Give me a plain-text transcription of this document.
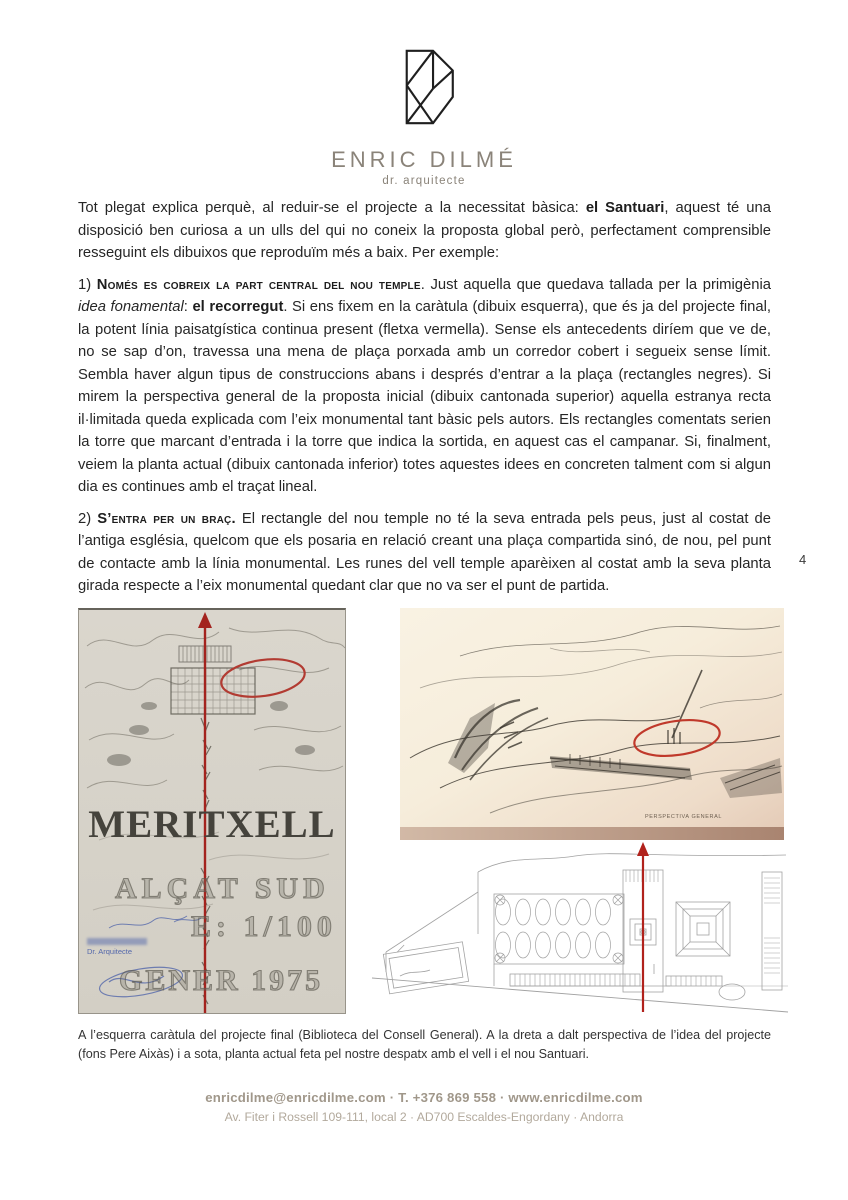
ENRIC DILMÉ
dr. arquitecte

Tot plegat explica perquè, al reduir-se el projecte a la necessitat bàsica: el Santuari, aquest té una disposició ben curiosa a un ulls del qui no coneix la proposta global però, perfectament comprensible resseguint els dibuixos que reproduïm més a baix. Per exemple:

1) Només es cobreix la part central del nou temple. Just aquella que quedava tallada per la primigènia idea fonamental: el recorregut. Si ens fixem en la caràtula (dibuix esquerra), que és ja del projecte final, la potent línia paisatgística continua present (fletxa vermella). Sense els antecedents diríem que ve de, no se sap d’on, travessa una mena de plaça porxada amb un corredor cobert i segueix sense límit. Sembla haver algun tipus de construccions abans i després d’entrar a la plaça (rectangles negres). Si mirem la perspectiva general de la proposta inicial (dibuix cantonada superior) aquella estranya recta il·limitada queda explicada com l’eix monumental tant bàsic pels autors. Els rectangles comentats serien la torre que marcant d’entrada i la torre que indica la sortida, en aquest cas el campanar. Si, finalment, veiem la planta actual (dibuix cantonada inferior) totes aquestes idees en concreten talment com si algun dia es continues amb el traçat lineal.

2) S’entra per un braç. El rectangle del nou temple no té la seva entrada pels peus, just al costat de l’antiga església, quelcom que els posaria en relació creant una plaça compartida sinó, de nou, pel punt de contacte amb la línia monumental. Les runes del vell temple aparèixen al costat amb la seva planta girada respecte a l’eix monumental quedant clar que no va ser el punt de partida.

4
MERITXELL
ALÇAT SUD
E: 1/100
GENER 1975
Dr. Arquitecte
PERSPECTIVA GENERAL

A l’esquerra caràtula del projecte final (Biblioteca del Consell General). A la dreta a dalt perspectiva de l’idea del projecte (fons Pere Aixàs) i a sota, planta actual feta pel nostre despatx amb el vell i el nou Santuari.

enricdilme@enricdilme.com · T. +376 869 558 · www.enricdilme.com
Av. Fiter i Rossell 109-111, local 2 · AD700 Escaldes-Engordany · Andorra
